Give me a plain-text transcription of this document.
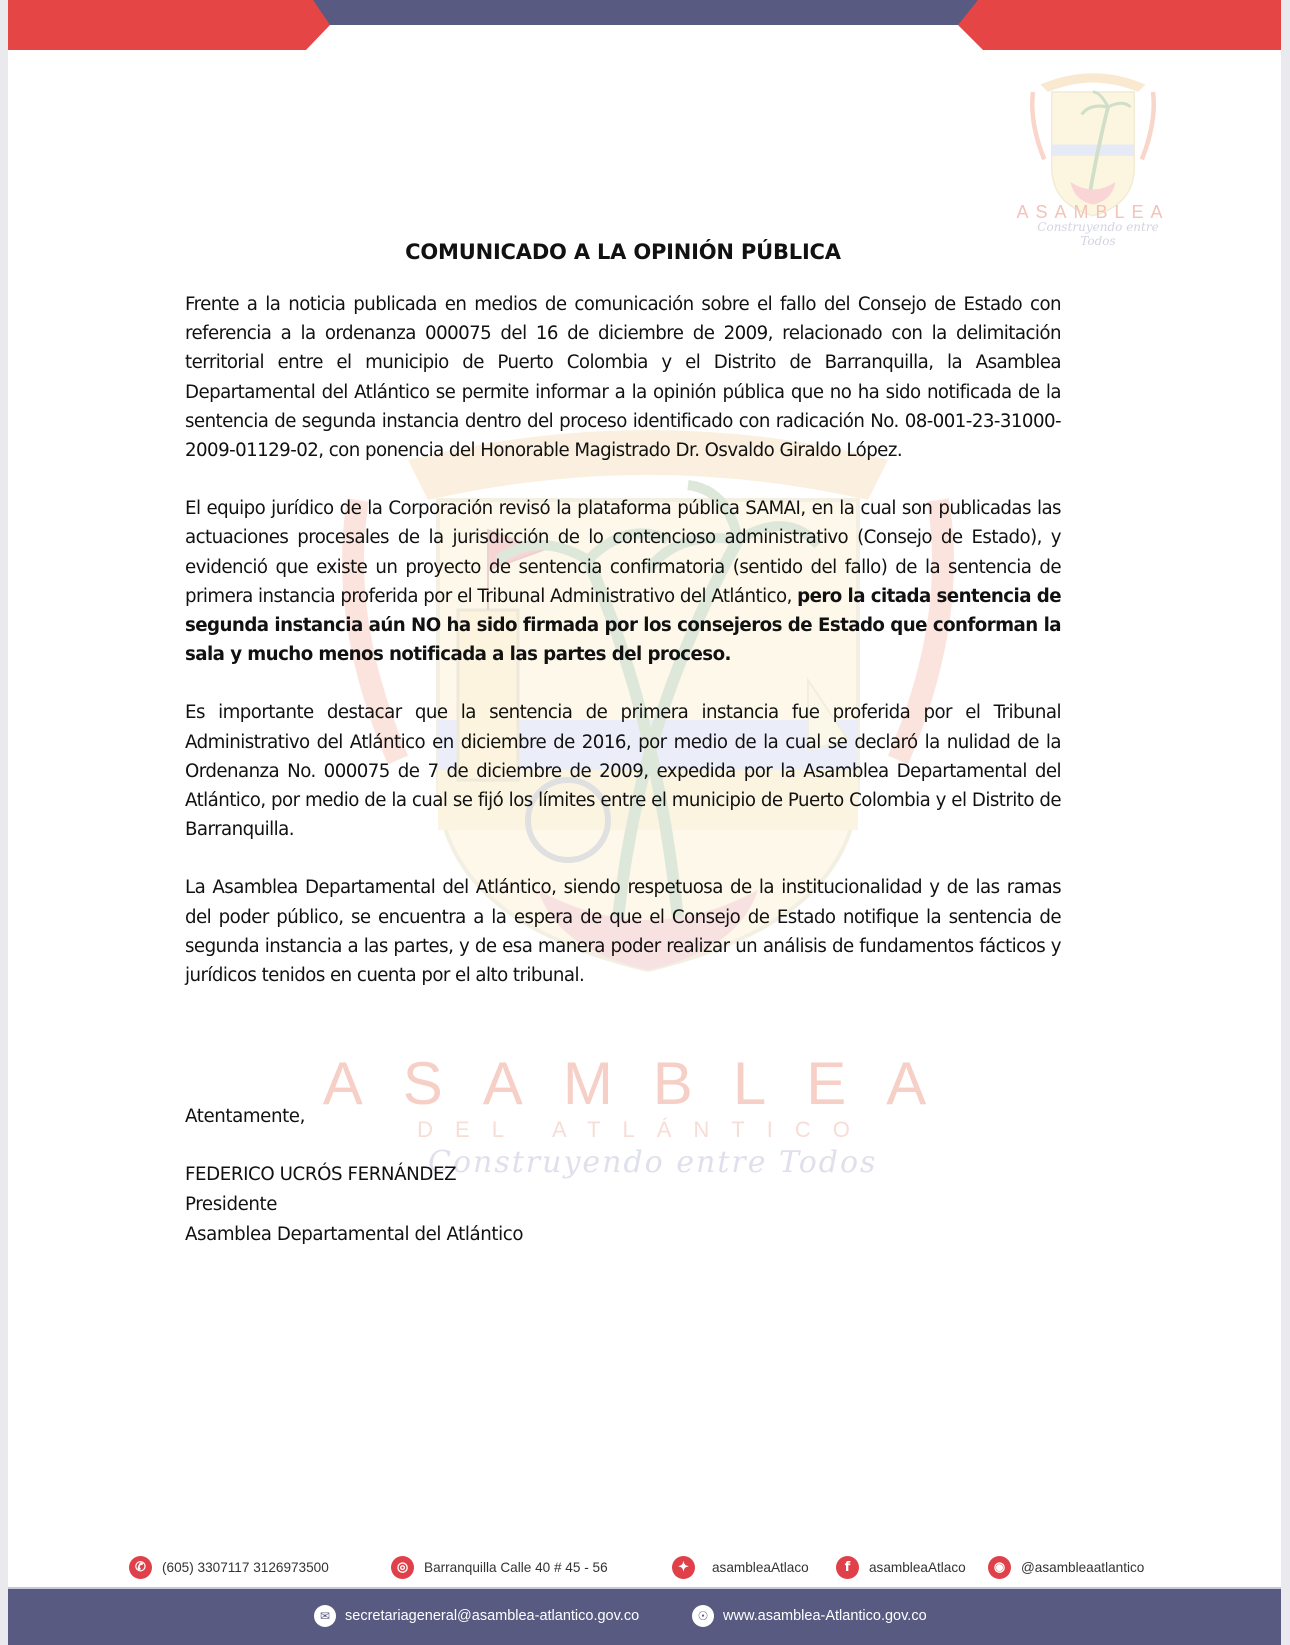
ASAMBLEA
Construyendo entre Todos
ASAMBLEA
DEL ATLÁNTICO
Construyendo entre Todos
COMUNICADO A LA OPINIÓN PÚBLICA

Frente a la noticia publicada en medios de comunicación sobre el fallo del Consejo de Estado con referencia a la ordenanza 000075 del 16 de diciembre de 2009, relacionado con la delimitación territorial entre el municipio de Puerto Colombia y el Distrito de Barranquilla, la Asamblea Departamental del Atlántico se permite informar a la opinión pública que no ha sido notificada de la sentencia de segunda instancia dentro del proceso identificado con radicación No. 08-001-23-31000-2009-01129-02, con ponencia del Honorable Magistrado Dr. Osvaldo Giraldo López.

El equipo jurídico de la Corporación revisó la plataforma pública SAMAI, en la cual son publicadas las actuaciones procesales de la jurisdicción de lo contencioso administrativo (Consejo de Estado), y evidenció que existe un proyecto de sentencia confirmatoria (sentido del fallo) de la sentencia de primera instancia proferida por el Tribunal Administrativo del Atlántico, pero la citada sentencia de segunda instancia aún NO ha sido firmada por los consejeros de Estado que conforman la sala y mucho menos notificada a las partes del proceso.

Es importante destacar que la sentencia de primera instancia fue proferida por el Tribunal Administrativo del Atlántico en diciembre de 2016, por medio de la cual se declaró la nulidad de la Ordenanza No. 000075 de 7 de diciembre de 2009, expedida por la Asamblea Departamental del Atlántico, por medio de la cual se fijó los límites entre el municipio de Puerto Colombia y el Distrito de Barranquilla.

La Asamblea Departamental del Atlántico, siendo respetuosa de la institucionalidad y de las ramas del poder público, se encuentra a la espera de que el Consejo de Estado notifique la sentencia de segunda instancia a las partes, y de esa manera poder realizar un análisis de fundamentos fácticos y jurídicos tenidos en cuenta por el alto tribunal.

Atentamente,
FEDERICO UCRÓS FERNÁNDEZ
Presidente
Asamblea Departamental del Atlántico
✆	(605) 3307117 3126973500	◎	Barranquilla Calle 40 # 45 - 56	✦	asambleaAtlaco	f	asambleaAtlaco	◉	@asambleaatlantico
✉	secretariageneral@asamblea-atlantico.gov.co	☉	www.asamblea-Atlantico.gov.co
